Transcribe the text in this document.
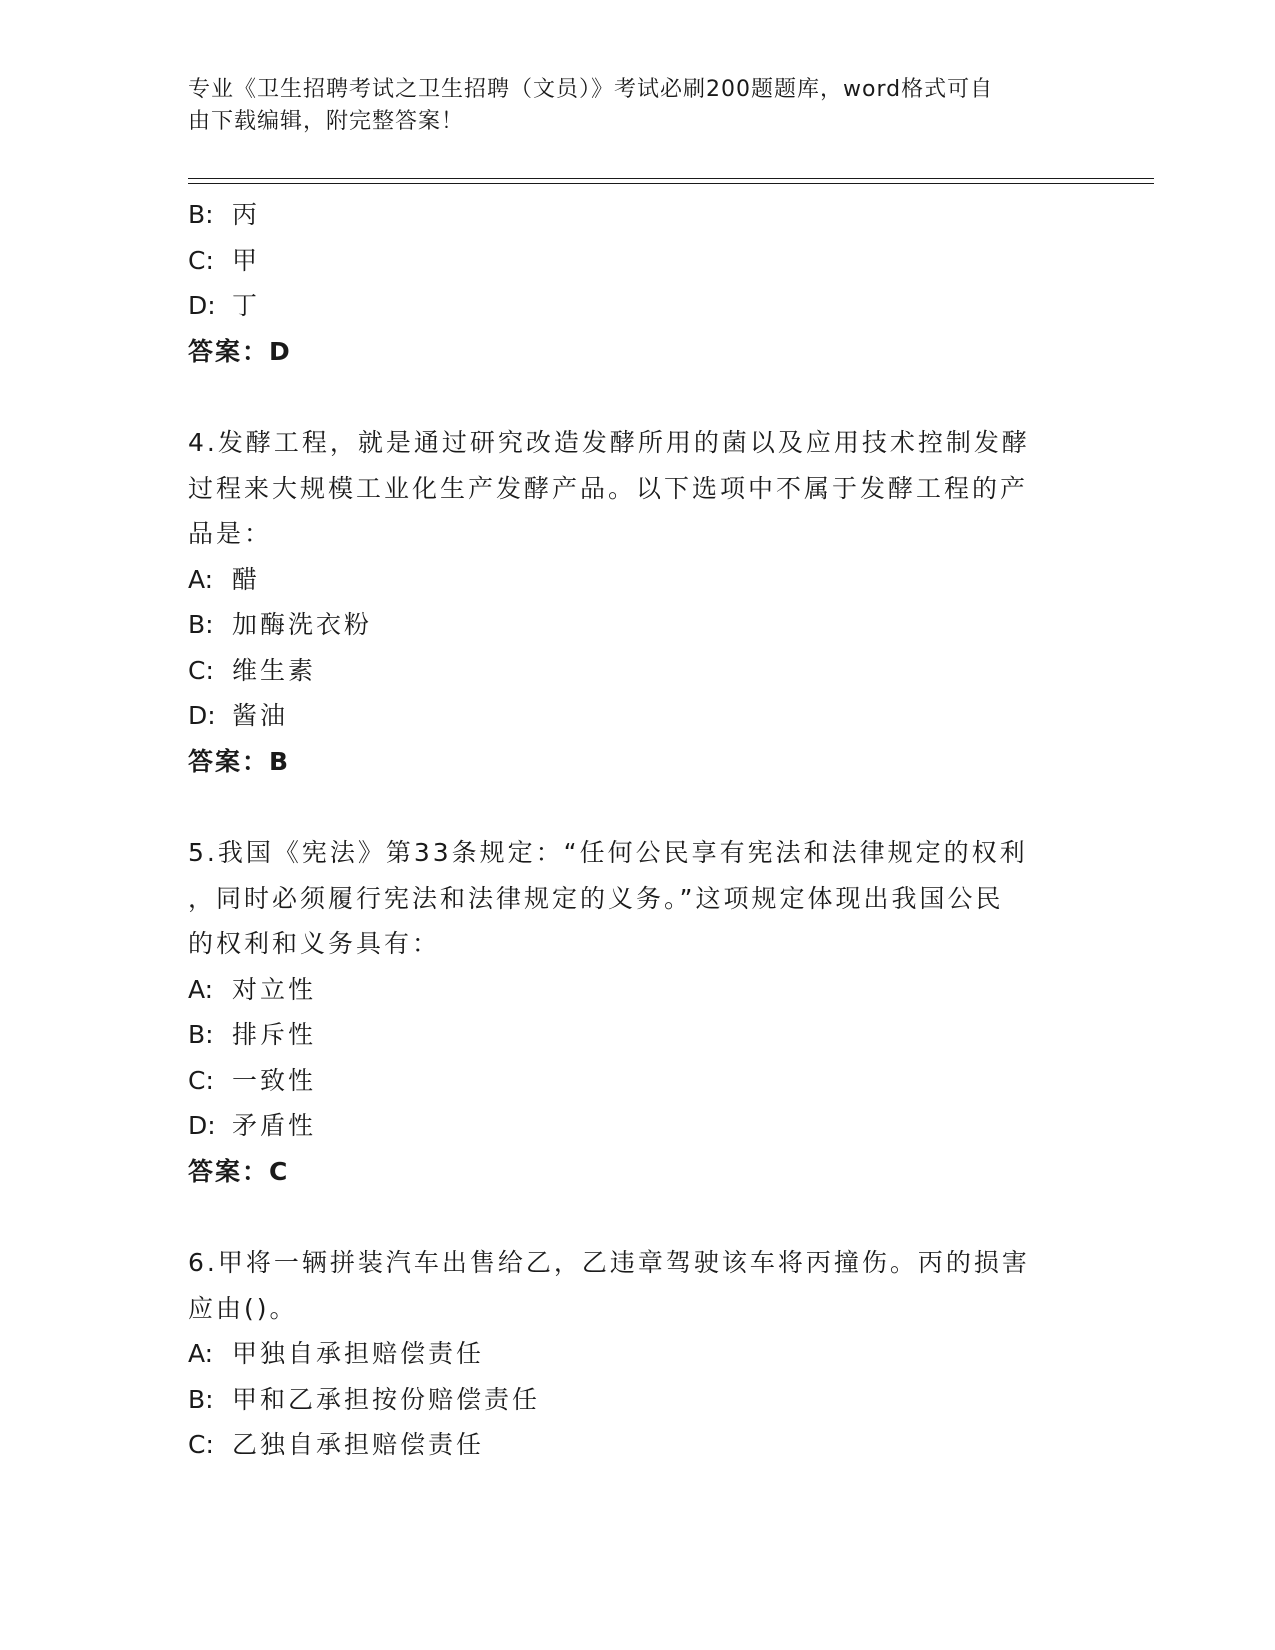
专业《卫生招聘考试之卫生招聘（文员）》考试必刷200题题库，word格式可自
由下载编辑，附完整答案！
B: 丙
C: 甲
D: 丁
答案：D
4.发酵工程，就是通过研究改造发酵所用的菌以及应用技术控制发酵
过程来大规模工业化生产发酵产品。以下选项中不属于发酵工程的产
品是：
A: 醋
B: 加酶洗衣粉
C: 维生素
D: 酱油
答案：B
5.我国《宪法》第33条规定：“任何公民享有宪法和法律规定的权利
，同时必须履行宪法和法律规定的义务。”这项规定体现出我国公民
的权利和义务具有：
A: 对立性
B: 排斥性
C: 一致性
D: 矛盾性
答案：C
6.甲将一辆拼装汽车出售给乙，乙违章驾驶该车将丙撞伤。丙的损害
应由()。
A: 甲独自承担赔偿责任
B: 甲和乙承担按份赔偿责任
C: 乙独自承担赔偿责任
